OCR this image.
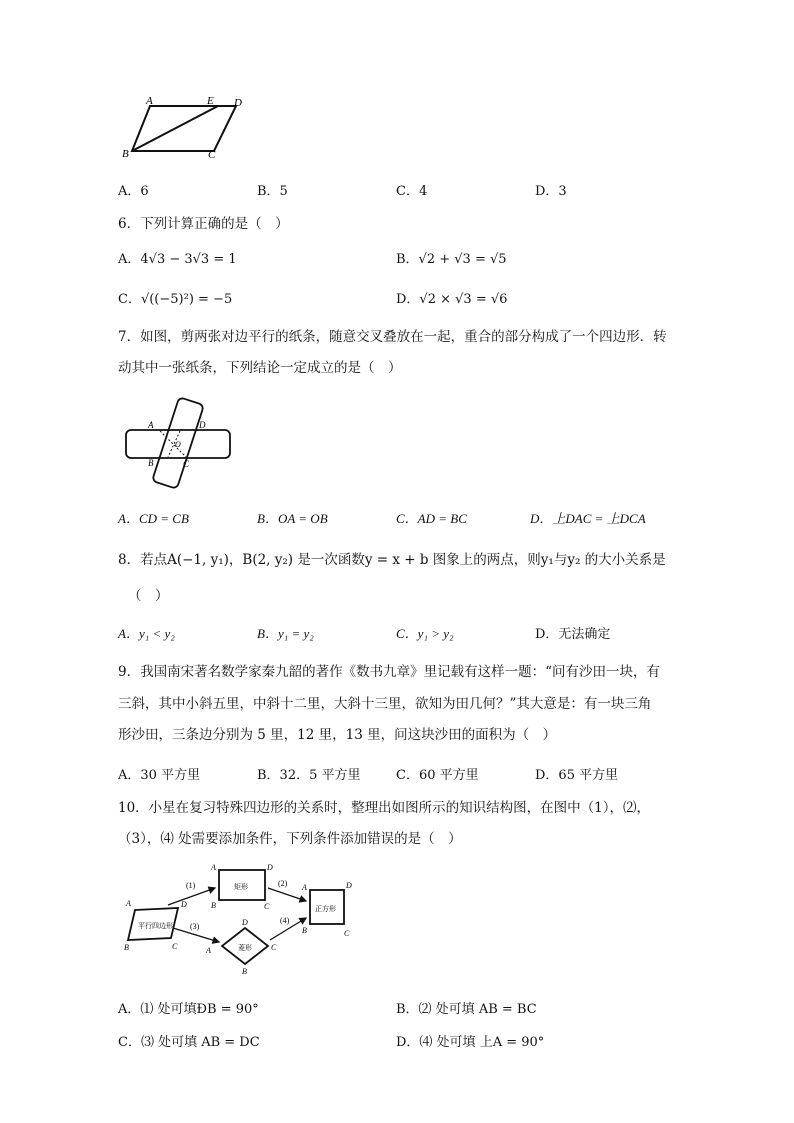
A	E D
B	C
A．6	B．5	C．4	D．3
6．下列计算正确的是（　）
A．4√3 − 3√3 = 1	B．√2 + √3 = √5
C．√((−5)²) = −5	D．√2 × √3 = √6
7．如图，剪两张对边平行的纸条，随意交叉叠放在一起，重合的部分构成了一个四边形．转
动其中一张纸条，下列结论一定成立的是（　）
A	D
O
B	C
A．CD = CB	B．OA = OB	C．AD = BC	D．上DAC = 上DCA
8．若点A(−1, y₁)，B(2, y₂) 是一次函数y = x + b 图象上的两点，则y₁与y₂ 的大小关系是
（　）
A．y₁ < y₂	B．y₁ = y₂	C．y₁ > y₂	D．无法确定
9．我国南宋著名数学家秦九韶的著作《数书九章》里记载有这样一题：“问有沙田一块，有
三斜，其中小斜五里，中斜十二里，大斜十三里，欲知为田几何？”其大意是：有一块三角
形沙田，三条边分别为 5 里，12 里，13 里，问这块沙田的面积为（　）
A．30 平方里	B．32．5 平方里	C．60 平方里	D．65 平方里
10．小星在复习特殊四边形的关系时，整理出如图所示的知识结构图，在图中（1），⑵，
（3），⑷ 处需要添加条件，下列条件添加错误的是（　）
平行四边形
A	D
B	C
矩形
A	D
B	C
菱形
D
A	C
B
正方形
A	D
B	C
(1)	(2)
(3)
(4)
A．⑴ 处可填ÐB = 90°	B．⑵ 处可填 AB = BC
C．⑶ 处可填 AB = DC	D．⑷ 处可填 上A = 90°
